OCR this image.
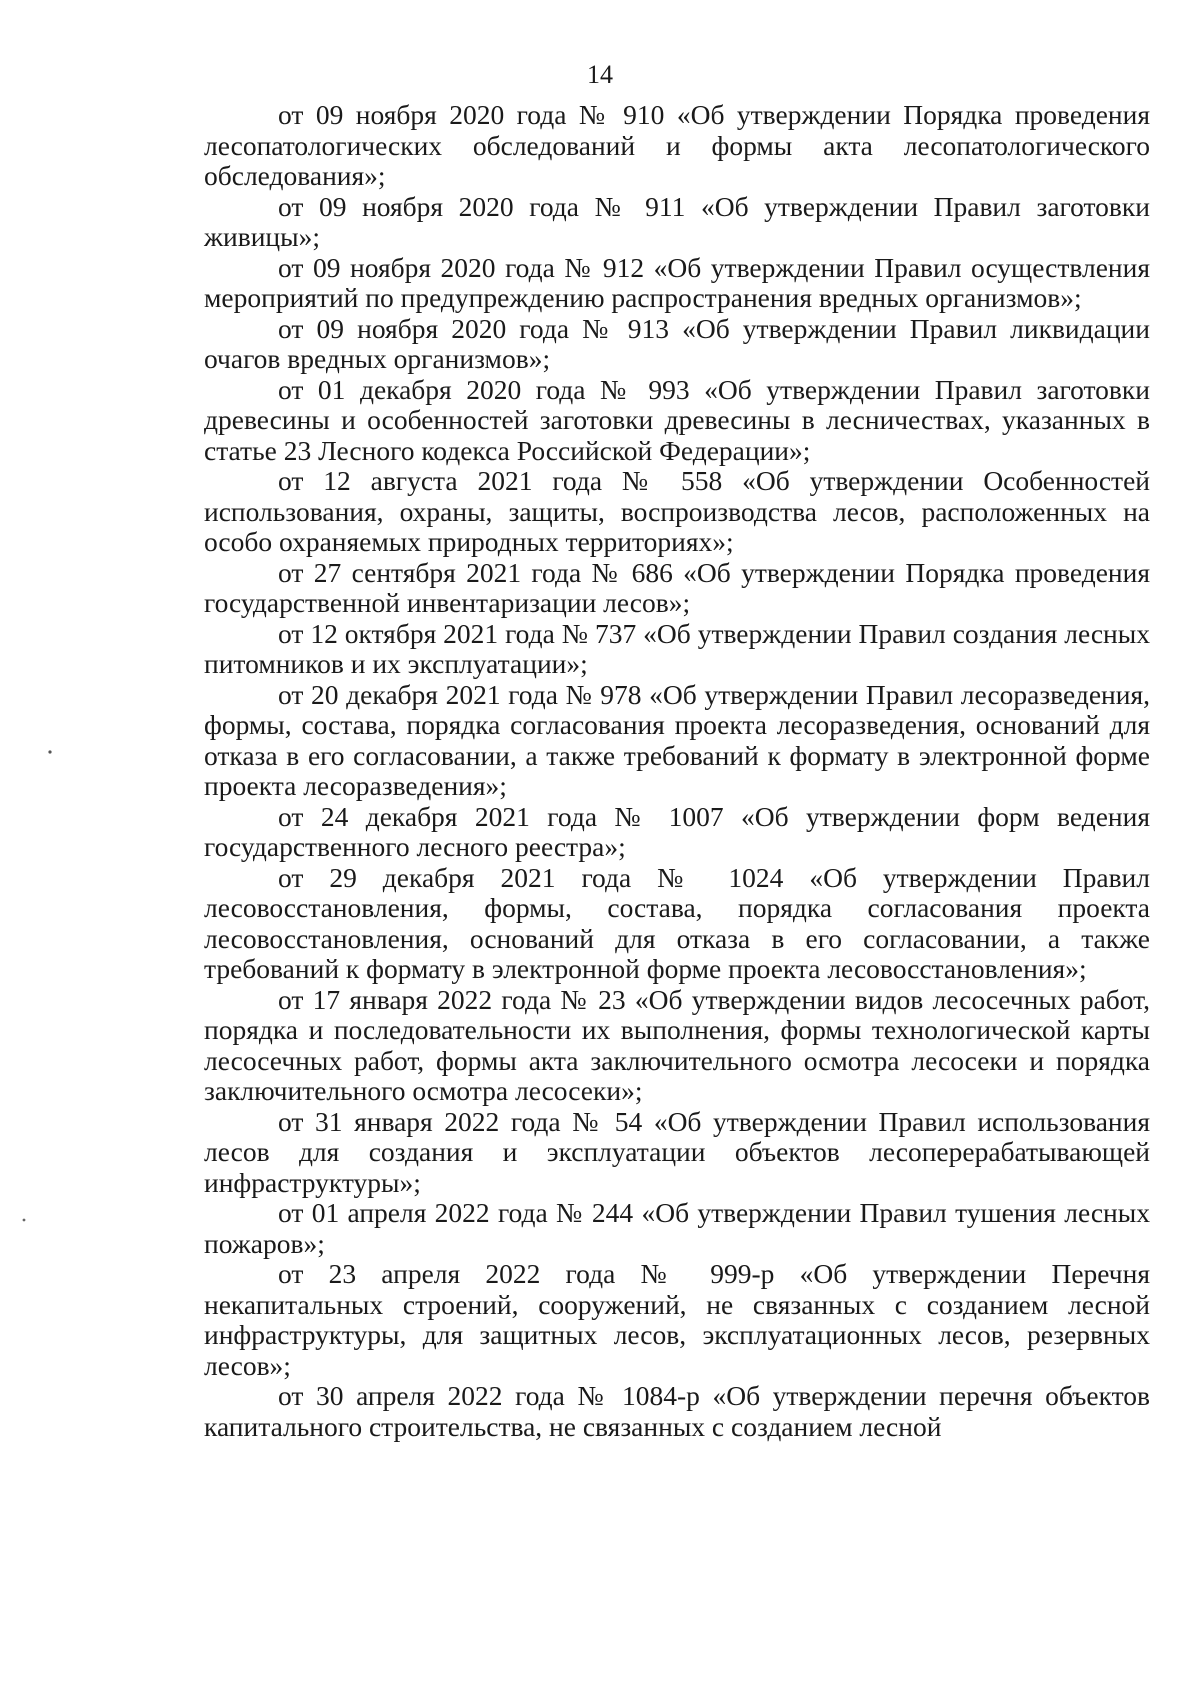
14

от 09 ноября 2020 года № 910 «Об утверждении Порядка проведения лесопатологических обследований и формы акта лесопатологического обследования»;

от 09 ноября 2020 года № 911 «Об утверждении Правил заготовки живицы»;

от 09 ноября 2020 года № 912 «Об утверждении Правил осуществления мероприятий по предупреждению распространения вредных организмов»;

от 09 ноября 2020 года № 913 «Об утверждении Правил ликвидации очагов вредных организмов»;

от 01 декабря 2020 года № 993 «Об утверждении Правил заготовки древесины и особенностей заготовки древесины в лесничествах, указанных в статье 23 Лесного кодекса Российской Федерации»;

от 12 августа 2021 года № 558 «Об утверждении Особенностей использования, охраны, защиты, воспроизводства лесов, расположенных на особо охраняемых природных территориях»;

от 27 сентября 2021 года № 686 «Об утверждении Порядка проведения государственной инвентаризации лесов»;

от 12 октября 2021 года № 737 «Об утверждении Правил создания лесных питомников и их эксплуатации»;

от 20 декабря 2021 года № 978 «Об утверждении Правил лесоразведения, формы, состава, порядка согласования проекта лесоразведения, оснований для отказа в его согласовании, а также требований к формату в электронной форме проекта лесоразведения»;

от 24 декабря 2021 года № 1007 «Об утверждении форм ведения государственного лесного реестра»;

от 29 декабря 2021 года № 1024 «Об утверждении Правил лесовосстановления, формы, состава, порядка согласования проекта лесовосстановления, оснований для отказа в его согласовании, а также требований к формату в электронной форме проекта лесовосстановления»;

от 17 января 2022 года № 23 «Об утверждении видов лесосечных работ, порядка и последовательности их выполнения, формы технологической карты лесосечных работ, формы акта заключительного осмотра лесосеки и порядка заключительного осмотра лесосеки»;

от 31 января 2022 года № 54 «Об утверждении Правил использования лесов для создания и эксплуатации объектов лесоперерабатывающей инфраструктуры»;

от 01 апреля 2022 года № 244 «Об утверждении Правил тушения лесных пожаров»;

от 23 апреля 2022 года № 999-р «Об утверждении Перечня некапитальных строений, сооружений, не связанных с созданием лесной инфраструктуры, для защитных лесов, эксплуатационных лесов, резервных лесов»;

от 30 апреля 2022 года № 1084-р «Об утверждении перечня объектов капитального строительства, не связанных с созданием лесной
